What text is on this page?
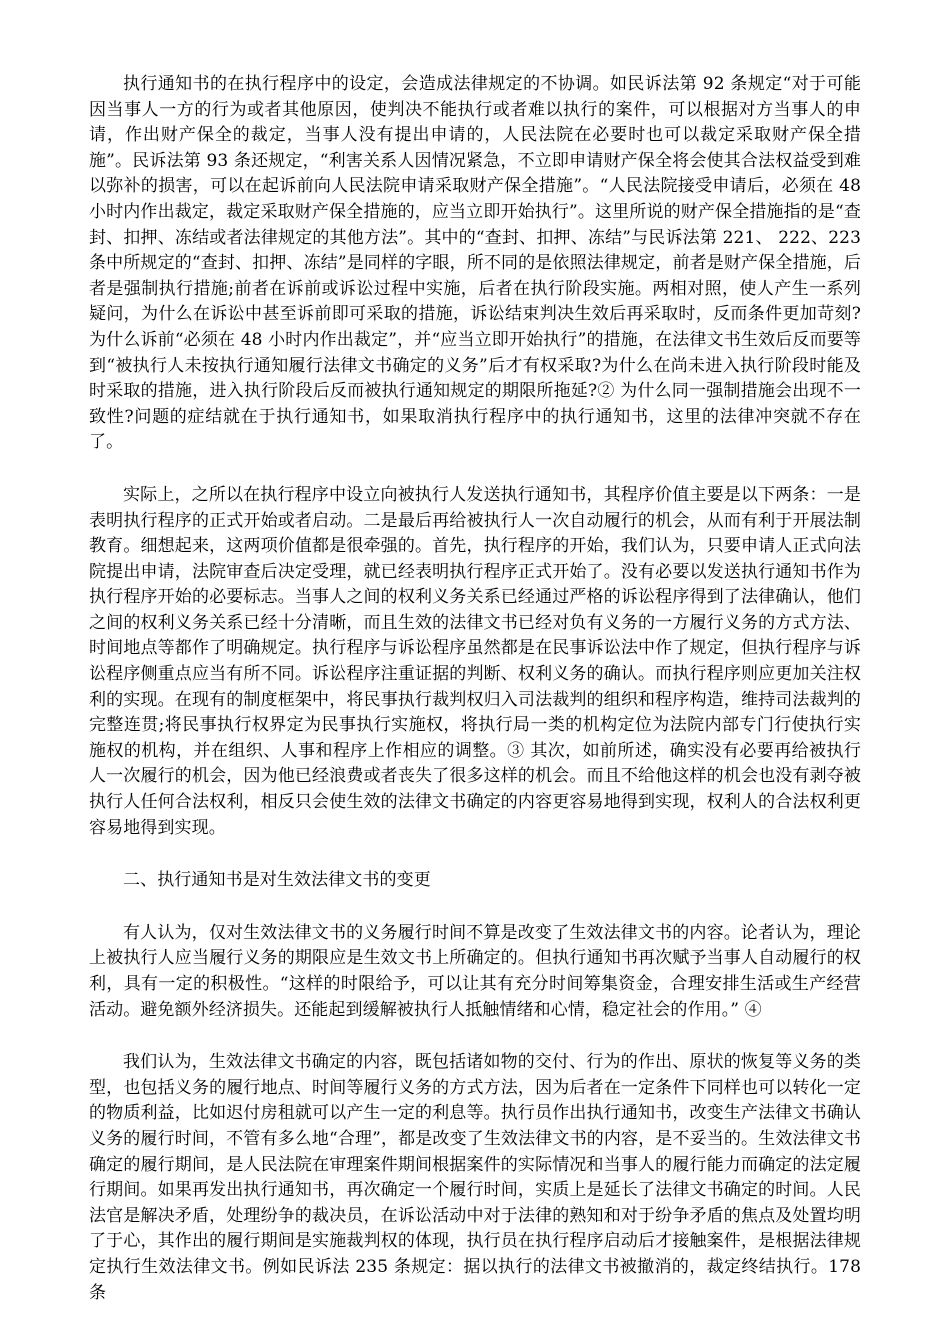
执行通知书的在执行程序中的设定，会造成法律规定的不协调。如民诉法第 92 条规定“对于可能因当事人一方的行为或者其他原因，使判决不能执行或者难以执行的案件，可以根据对方当事人的申请，作出财产保全的裁定，当事人没有提出申请的，人民法院在必要时也可以裁定采取财产保全措施”。民诉法第 93 条还规定，“利害关系人因情况紧急，不立即申请财产保全将会使其合法权益受到难以弥补的损害，可以在起诉前向人民法院申请采取财产保全措施”。“人民法院接受申请后，必须在 48 小时内作出裁定，裁定采取财产保全措施的，应当立即开始执行”。这里所说的财产保全措施指的是“查封、扣押、冻结或者法律规定的其他方法”。其中的“查封、扣押、冻结”与民诉法第 221、 222、223 条中所规定的“查封、扣押、冻结”是同样的字眼，所不同的是依照法律规定，前者是财产保全措施，后者是强制执行措施;前者在诉前或诉讼过程中实施，后者在执行阶段实施。两相对照，使人产生一系列疑问，为什么在诉讼中甚至诉前即可采取的措施，诉讼结束判决生效后再采取时，反而条件更加苛刻?为什么诉前“必须在 48 小时内作出裁定”，并“应当立即开始执行”的措施，在法律文书生效后反而要等到“被执行人未按执行通知履行法律文书确定的义务”后才有权采取?为什么在尚未进入执行阶段时能及时采取的措施，进入执行阶段后反而被执行通知规定的期限所拖延?② 为什么同一强制措施会出现不一致性?问题的症结就在于执行通知书，如果取消执行程序中的执行通知书，这里的法律冲突就不存在了。

实际上，之所以在执行程序中设立向被执行人发送执行通知书，其程序价值主要是以下两条：一是表明执行程序的正式开始或者启动。二是最后再给被执行人一次自动履行的机会，从而有利于开展法制教育。细想起来，这两项价值都是很牵强的。首先，执行程序的开始，我们认为，只要申请人正式向法院提出申请，法院审查后决定受理，就已经表明执行程序正式开始了。没有必要以发送执行通知书作为执行程序开始的必要标志。当事人之间的权利义务关系已经通过严格的诉讼程序得到了法律确认，他们之间的权利义务关系已经十分清晰，而且生效的法律文书已经对负有义务的一方履行义务的方式方法、时间地点等都作了明确规定。执行程序与诉讼程序虽然都是在民事诉讼法中作了规定，但执行程序与诉讼程序侧重点应当有所不同。诉讼程序注重证据的判断、权利义务的确认。而执行程序则应更加关注权利的实现。在现有的制度框架中，将民事执行裁判权归入司法裁判的组织和程序构造，维持司法裁判的完整连贯;将民事执行权界定为民事执行实施权，将执行局一类的机构定位为法院内部专门行使执行实施权的机构，并在组织、人事和程序上作相应的调整。③ 其次，如前所述，确实没有必要再给被执行人一次履行的机会，因为他已经浪费或者丧失了很多这样的机会。而且不给他这样的机会也没有剥夺被执行人任何合法权利，相反只会使生效的法律文书确定的内容更容易地得到实现，权利人的合法权利更容易地得到实现。

二、执行通知书是对生效法律文书的变更

有人认为，仅对生效法律文书的义务履行时间不算是改变了生效法律文书的内容。论者认为，理论上被执行人应当履行义务的期限应是生效文书上所确定的。但执行通知书再次赋予当事人自动履行的权利，具有一定的积极性。“这样的时限给予，可以让其有充分时间筹集资金，合理安排生活或生产经营活动。避免额外经济损失。还能起到缓解被执行人抵触情绪和心情，稳定社会的作用。” ④

我们认为，生效法律文书确定的内容，既包括诸如物的交付、行为的作出、原状的恢复等义务的类型，也包括义务的履行地点、时间等履行义务的方式方法，因为后者在一定条件下同样也可以转化一定的物质利益，比如迟付房租就可以产生一定的利息等。执行员作出执行通知书，改变生产法律文书确认义务的履行时间，不管有多么地“合理”，都是改变了生效法律文书的内容，是不妥当的。生效法律文书确定的履行期间，是人民法院在审理案件期间根据案件的实际情况和当事人的履行能力而确定的法定履行期间。如果再发出执行通知书，再次确定一个履行时间，实质上是延长了法律文书确定的时间。人民法官是解决矛盾，处理纷争的裁决员，在诉讼活动中对于法律的熟知和对于纷争矛盾的焦点及处置均明了于心，其作出的履行期间是实施裁判权的体现，执行员在执行程序启动后才接触案件，是根据法律规定执行生效法律文书。例如民诉法 235 条规定：据以执行的法律文书被撤消的，裁定终结执行。178 条
